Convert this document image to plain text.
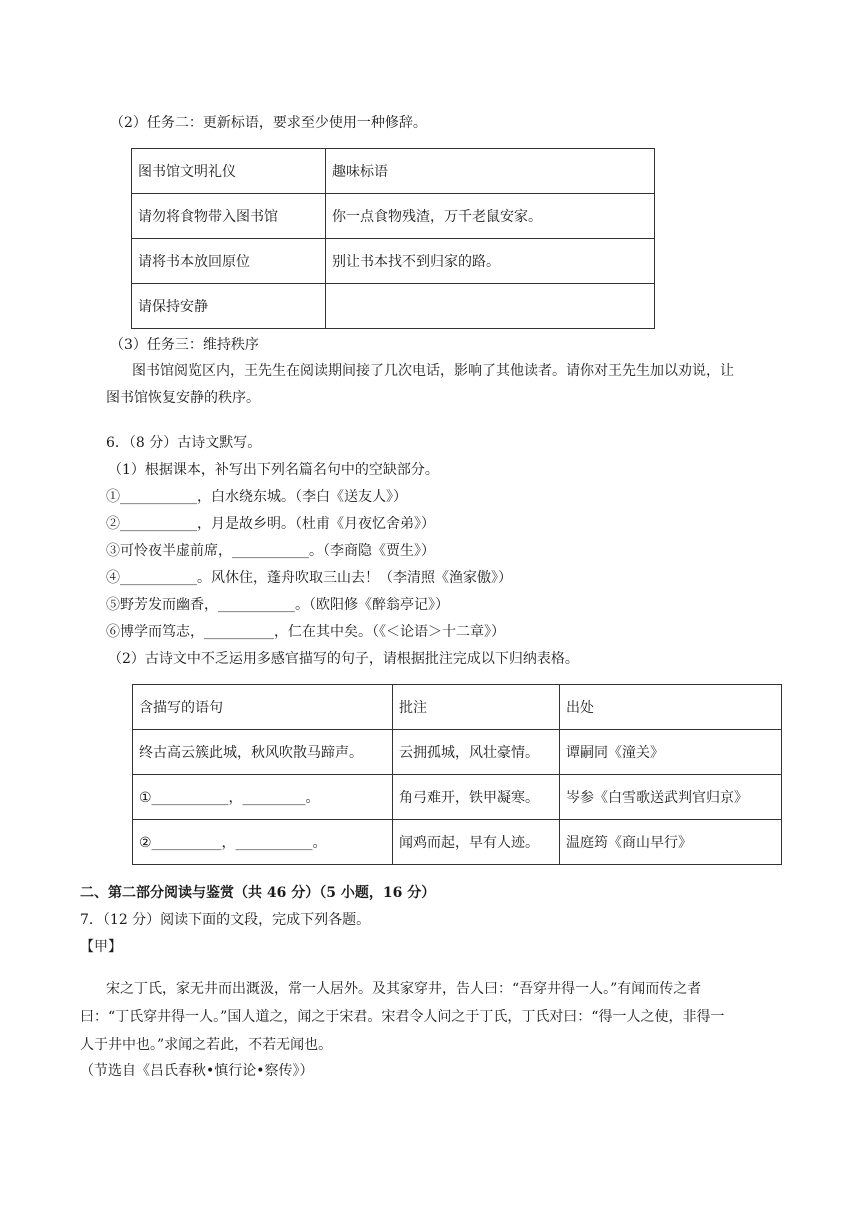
（2）任务二：更新标语，要求至少使用一种修辞。
图书馆文明礼仪	趣味标语
请勿将食物带入图书馆	你一点食物残渣，万千老鼠安家。
请将书本放回原位	别让书本找不到归家的路。
请保持安静	
（3）任务三：维持秩序
图书馆阅览区内，王先生在阅读期间接了几次电话，影响了其他读者。请你对王先生加以劝说，让
图书馆恢复安静的秩序。
6．（8 分）古诗文默写。
（1）根据课本，补写出下列名篇名句中的空缺部分。
①___________，白水绕东城。（李白《送友人》）
②___________，月是故乡明。（杜甫《月夜忆舍弟》）
③可怜夜半虚前席，___________。（李商隐《贾生》）
④___________。风休住，蓬舟吹取三山去！（李清照《渔家傲》）
⑤野芳发而幽香，___________。（欧阳修《醉翁亭记》）
⑥博学而笃志，__________，仁在其中矣。（《＜论语＞十二章》）
（2）古诗文中不乏运用多感官描写的句子，请根据批注完成以下归纳表格。
含描写的语句	批注	出处
终古高云簇此城，秋风吹散马蹄声。	云拥孤城，风壮豪情。	谭嗣同《潼关》
①___________，_________。	角弓难开，铁甲凝寒。	岑参《白雪歌送武判官归京》
②__________，___________。	闻鸡而起，早有人迹。	温庭筠《商山早行》
二、第二部分阅读与鉴赏（共 46 分）（5 小题，16 分）
7．（12 分）阅读下面的文段，完成下列各题。
【甲】
宋之丁氏，家无井而出溉汲，常一人居外。及其家穿井，告人曰：“吾穿井得一人。”有闻而传之者
曰：“丁氏穿井得一人。”国人道之，闻之于宋君。宋君令人问之于丁氏，丁氏对曰：“得一人之使，非得一
人于井中也。”求闻之若此，不若无闻也。
（节选自《吕氏春秋•慎行论•察传》）
